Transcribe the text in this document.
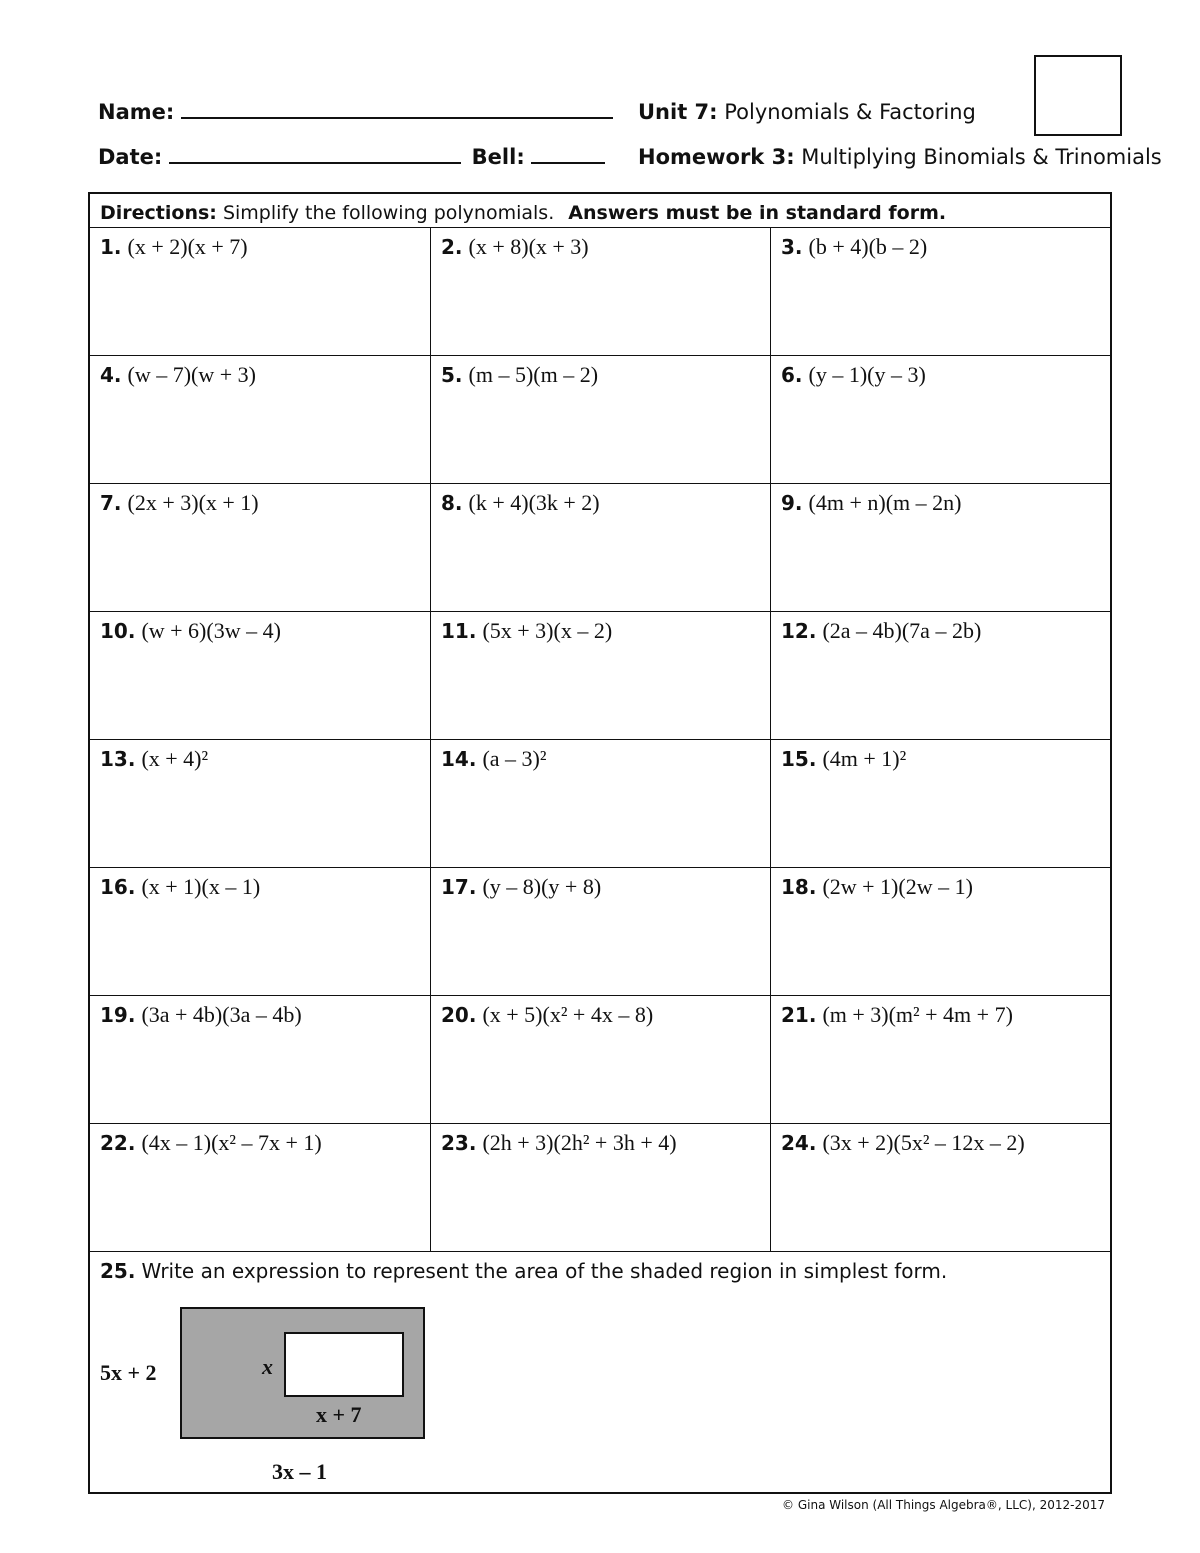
Name:
Date:	Bell:
Unit 7: Polynomials & Factoring
Homework 3: Multiplying Binomials & Trinomials
Directions: Simplify the following polynomials. Answers must be in standard form.
1. (x + 2)(x + 7)	2. (x + 8)(x + 3)	3. (b + 4)(b – 2)
4. (w – 7)(w + 3)	5. (m – 5)(m – 2)	6. (y – 1)(y – 3)
7. (2x + 3)(x + 1)	8. (k + 4)(3k + 2)	9. (4m + n)(m – 2n)
10. (w + 6)(3w – 4)	11. (5x + 3)(x – 2)	12. (2a – 4b)(7a – 2b)
13. (x + 4)²	14. (a – 3)²	15. (4m + 1)²
16. (x + 1)(x – 1)	17. (y – 8)(y + 8)	18. (2w + 1)(2w – 1)
19. (3a + 4b)(3a – 4b)	20. (x + 5)(x² + 4x – 8)	21. (m + 3)(m² + 4m + 7)
22. (4x – 1)(x² – 7x + 1)	23. (2h + 3)(2h² + 3h + 4)	24. (3x + 2)(5x² – 12x – 2)
25. Write an expression to represent the area of the shaded region in simplest form.
5x + 2
3x – 1
x
x + 7
© Gina Wilson (All Things Algebra®, LLC), 2012-2017
